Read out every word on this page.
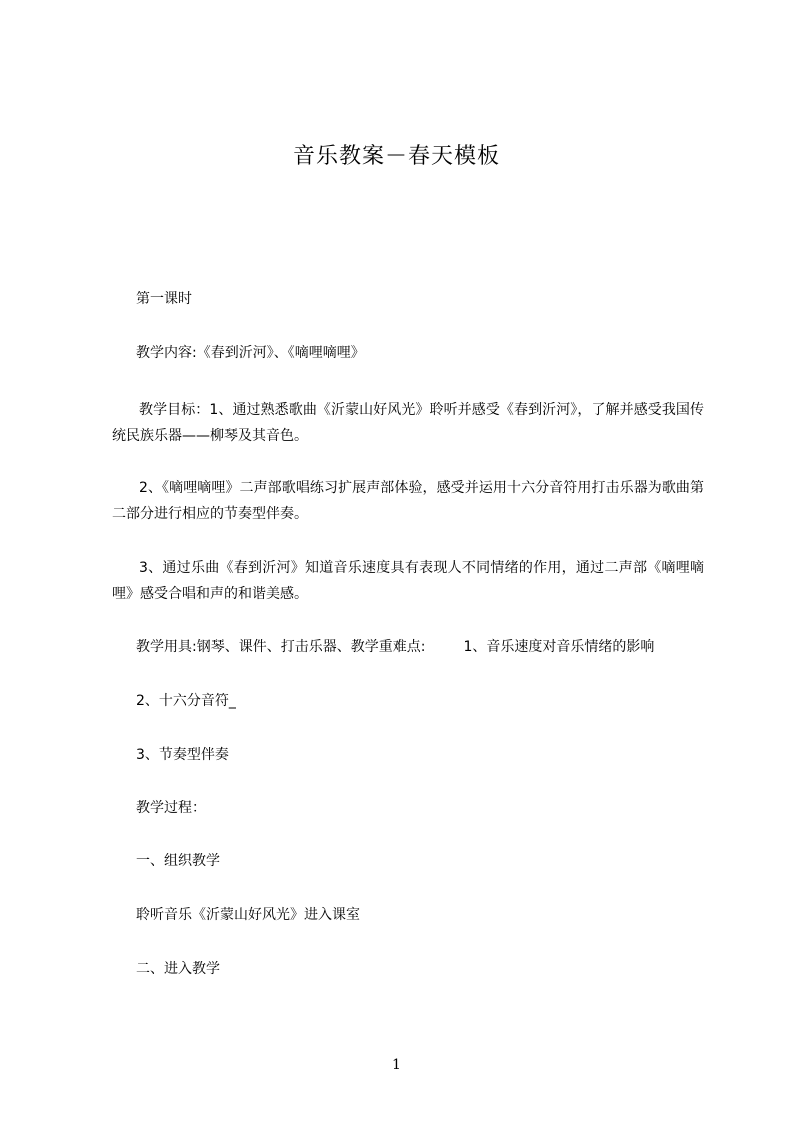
音乐教案－春天模板
第一课时
教学内容:《春到沂河》、《嘀哩嘀哩》
教学目标：1、通过熟悉歌曲《沂蒙山好风光》聆听并感受《春到沂河》，了解并感受我国传统民族乐器——柳琴及其音色。
2、《嘀哩嘀哩》二声部歌唱练习扩展声部体验，感受并运用十六分音符用打击乐器为歌曲第二部分进行相应的节奏型伴奏。
3、通过乐曲《春到沂河》知道音乐速度具有表现人不同情绪的作用，通过二声部《嘀哩嘀哩》感受合唱和声的和谐美感。
教学用具:钢琴、课件、打击乐器、教学重难点:	1、音乐速度对音乐情绪的影响
2、十六分音符_
3、节奏型伴奏
教学过程：
一、组织教学
聆听音乐《沂蒙山好风光》进入课室
二、进入教学
1
